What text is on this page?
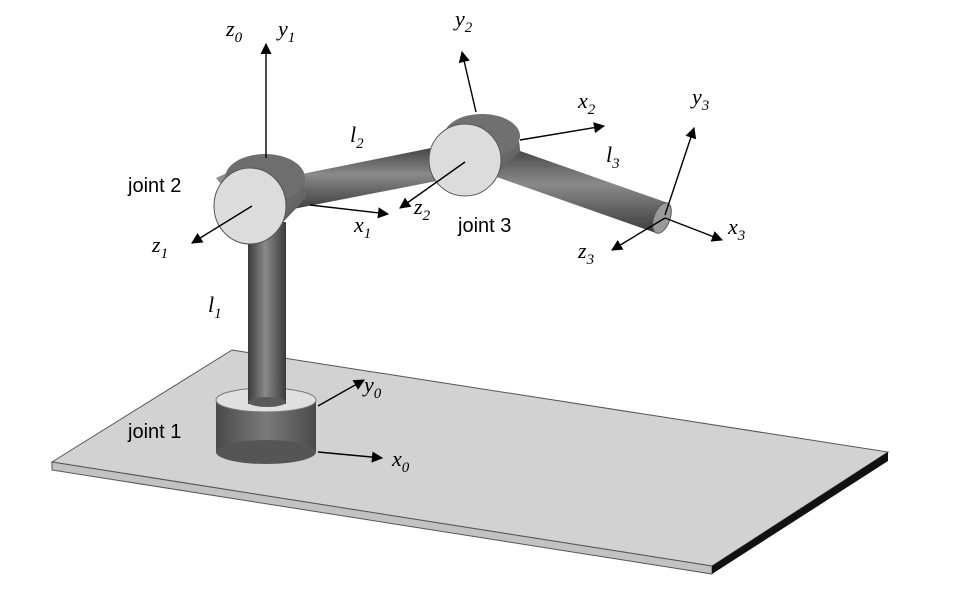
$z_0$ $y_1$
$y_2$
$x_2$
$y_3$
$x_3$
$z_3$
$z_1$
$x_1$
$z_2$
$y_0$
$x_0$
$l_2$	$l_3$
$l_1$
joint 2
joint 3
joint 1
